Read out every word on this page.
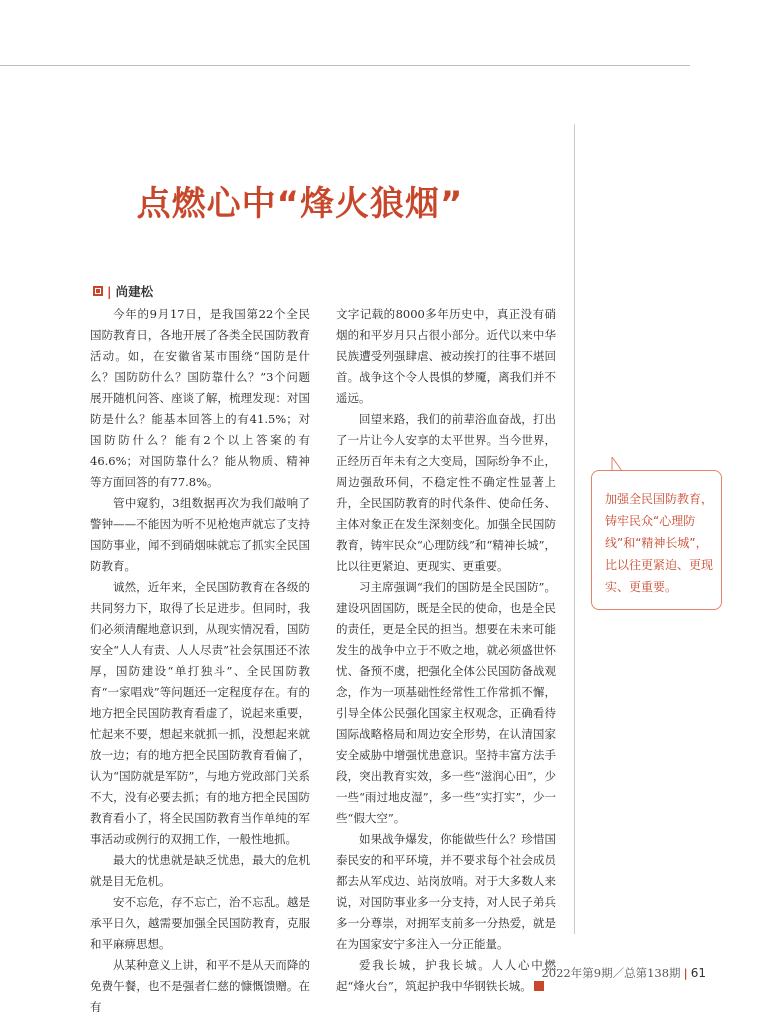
点燃心中“烽火狼烟”
| 尚建松

今年的9月17日，是我国第22个全民国防教育日，各地开展了各类全民国防教育活动。如，在安徽省某市围绕“国防是什么？国防防什么？国防靠什么？”3个问题展开随机问答、座谈了解，梳理发现：对国防是什么？能基本回答上的有41.5%；对国防防什么？能有2个以上答案的有46.6%；对国防靠什么？能从物质、精神等方面回答的有77.8%。

管中窥豹，3组数据再次为我们敲响了警钟——不能因为听不见枪炮声就忘了支持国防事业，闻不到硝烟味就忘了抓实全民国防教育。

诚然，近年来，全民国防教育在各级的共同努力下，取得了长足进步。但同时，我们必须清醒地意识到，从现实情况看，国防安全“人人有责、人人尽责”社会氛围还不浓厚，国防建设“单打独斗”、全民国防教育“一家唱戏”等问题还一定程度存在。有的地方把全民国防教育看虚了，说起来重要，忙起来不要，想起来就抓一抓，没想起来就放一边；有的地方把全民国防教育看偏了，认为“国防就是军防”，与地方党政部门关系不大，没有必要去抓；有的地方把全民国防教育看小了，将全民国防教育当作单纯的军事活动或例行的双拥工作，一般性地抓。

最大的忧患就是缺乏忧患，最大的危机就是目无危机。

安不忘危，存不忘亡，治不忘乱。越是承平日久，越需要加强全民国防教育，克服和平麻痹思想。

从某种意义上讲，和平不是从天而降的免费午餐，也不是强者仁慈的慷慨馈赠。在有

文字记载的8000多年历史中，真正没有硝烟的和平岁月只占很小部分。近代以来中华民族遭受列强肆虐、被动挨打的往事不堪回首。战争这个令人畏惧的梦魇，离我们并不遥远。

回望来路，我们的前辈浴血奋战，打出了一片让今人安享的太平世界。当今世界，正经历百年未有之大变局，国际纷争不止，周边强敌环伺，不稳定性不确定性显著上升，全民国防教育的时代条件、使命任务、主体对象正在发生深刻变化。加强全民国防教育，铸牢民众“心理防线”和“精神长城”，比以往更紧迫、更现实、更重要。

习主席强调“我们的国防是全民国防”。建设巩固国防，既是全民的使命，也是全民的责任，更是全民的担当。想要在未来可能发生的战争中立于不败之地，就必须盛世怀忧、备预不虞，把强化全体公民国防备战观念，作为一项基础性经常性工作常抓不懈，引导全体公民强化国家主权观念，正确看待国际战略格局和周边安全形势，在认清国家安全威胁中增强忧患意识。坚持丰富方法手段，突出教育实效，多一些“滋润心田”，少一些“雨过地皮湿”，多一些“实打实”，少一些“假大空”。

如果战争爆发，你能做些什么？珍惜国泰民安的和平环境，并不要求每个社会成员都去从军戍边、站岗放哨。对于大多数人来说，对国防事业多一分支持，对人民子弟兵多一分尊崇，对拥军支前多一分热爱，就是在为国家安宁多注入一分正能量。

爱我长城，护我长城。人人心中燃起“烽火台”，筑起护我中华钢铁长城。

加强全民国防教育，铸牢民众“心理防线”和“精神长城”，比以往更紧迫、更现实、更重要。
2022年第9期／总第138期 | 61
